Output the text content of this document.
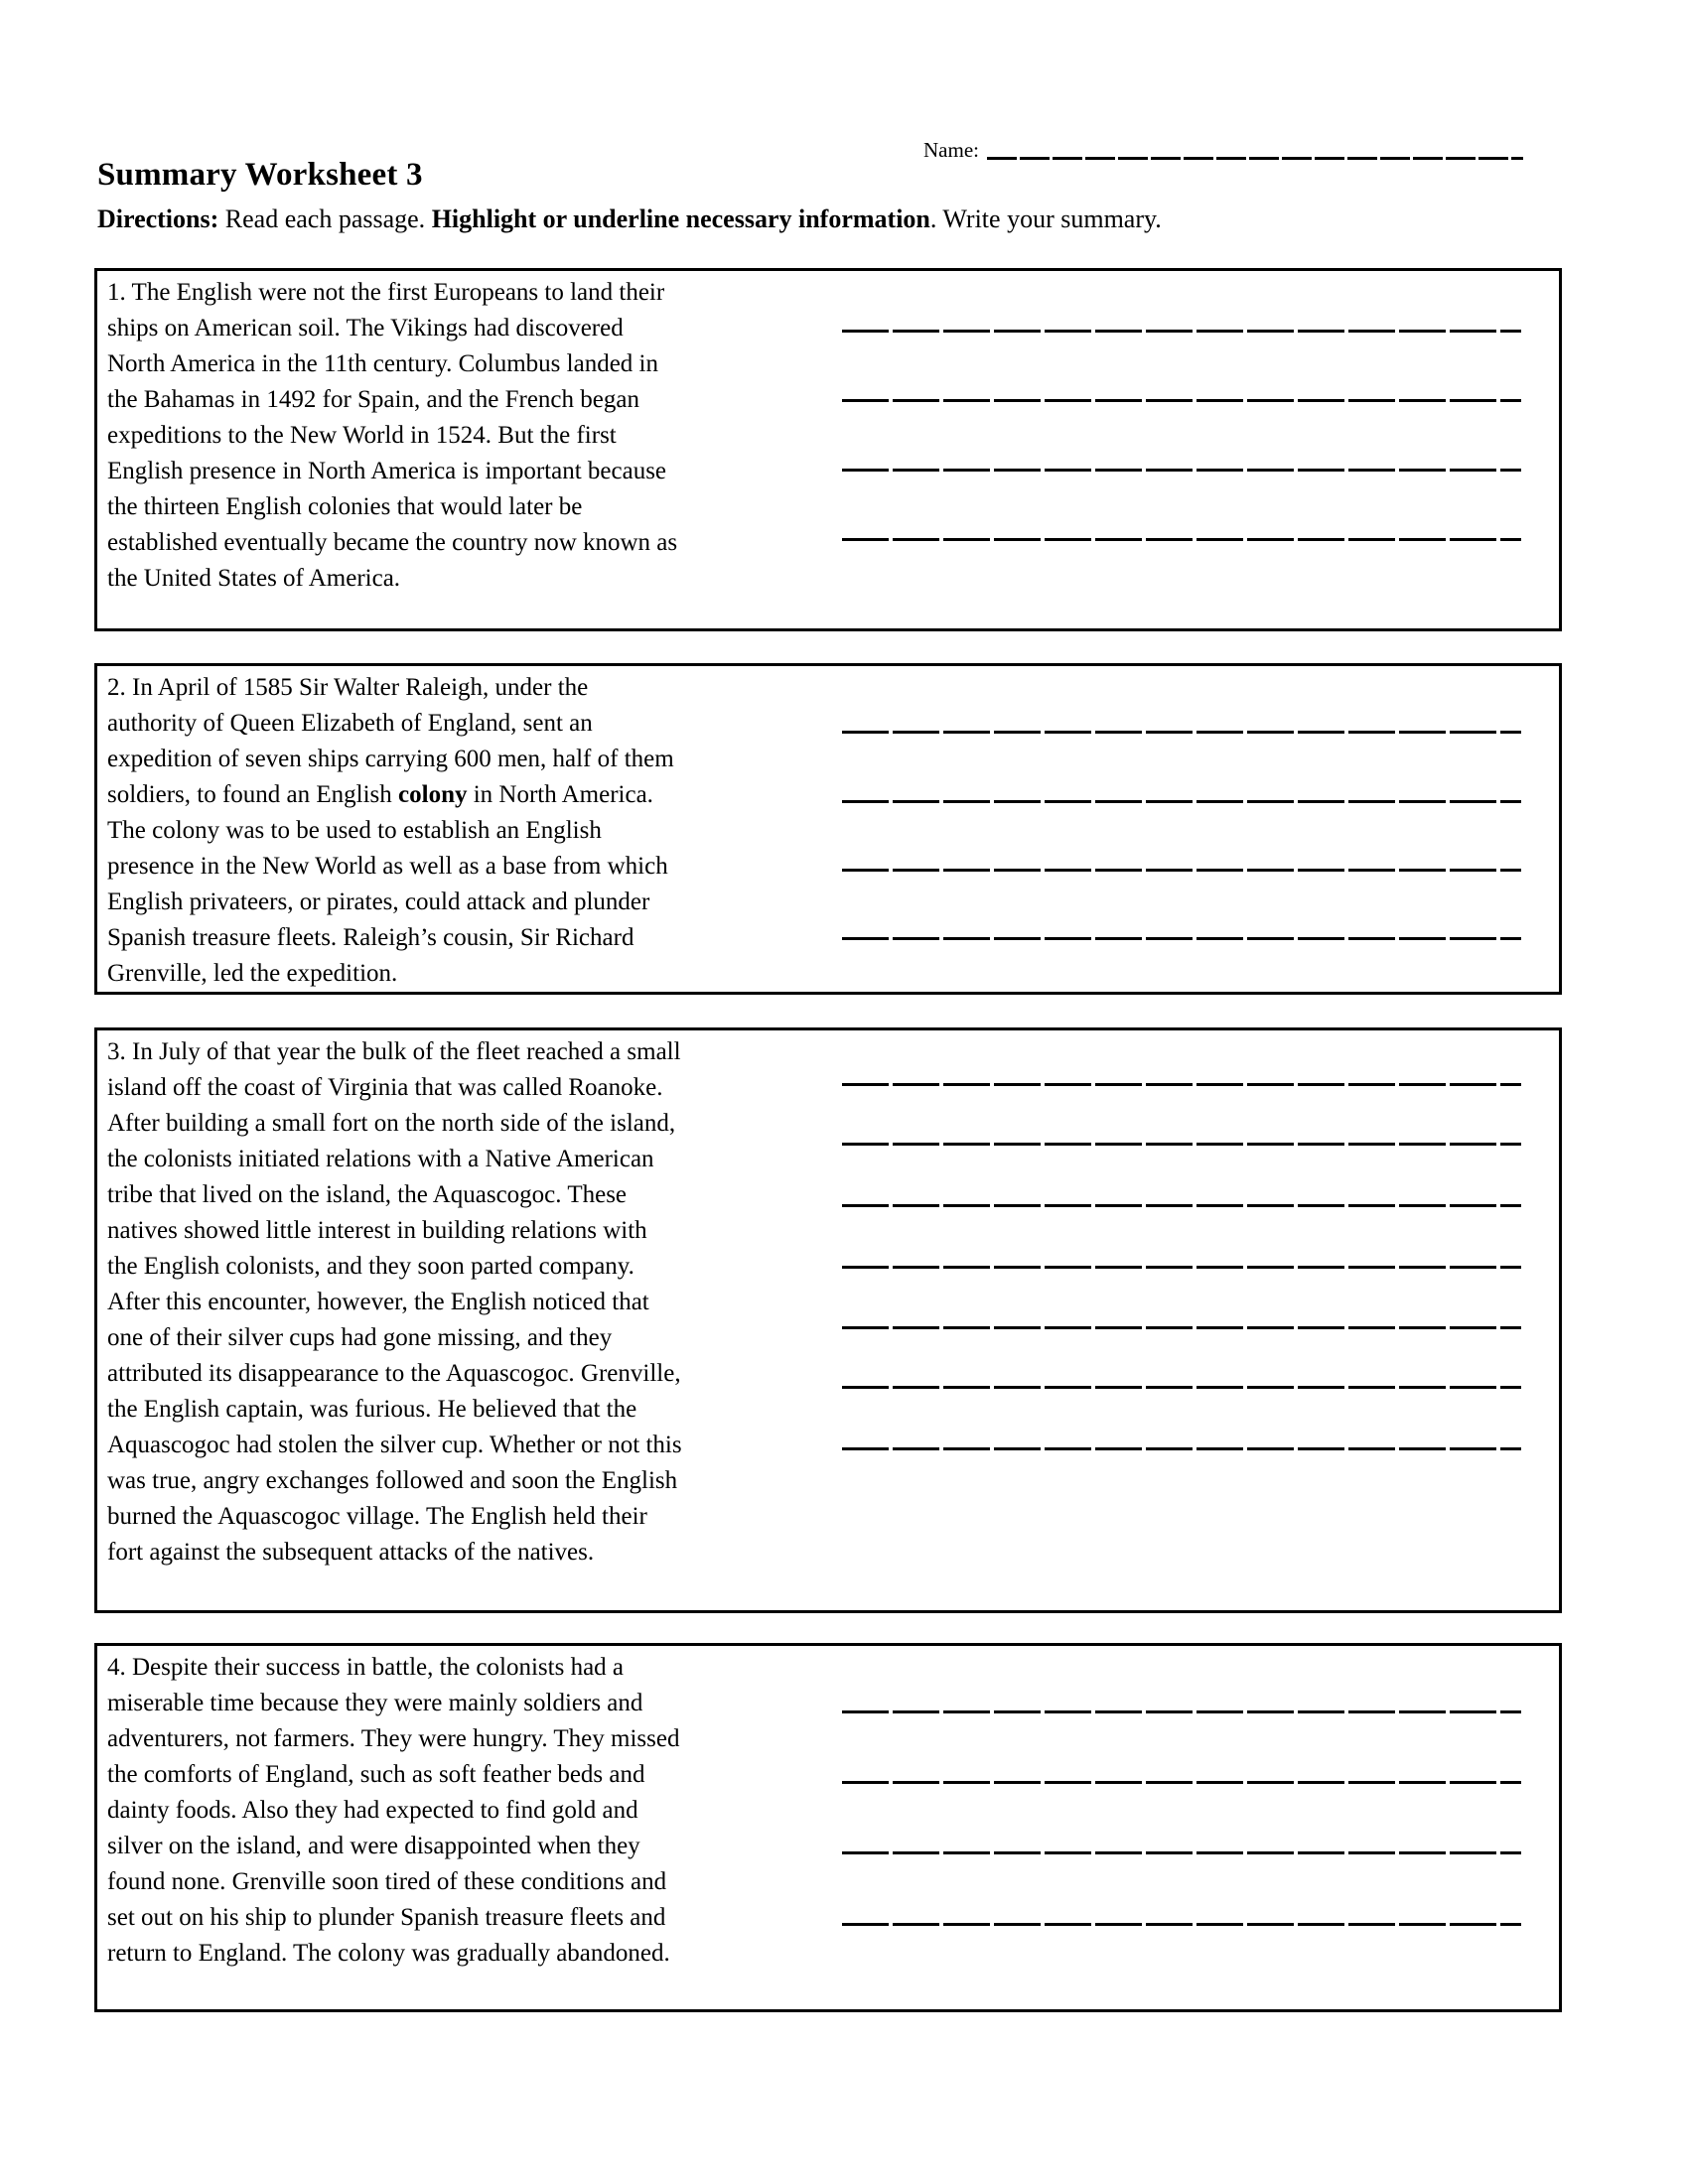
Name:
Summary Worksheet 3

Directions: Read each passage. Highlight or underline necessary information. Write your summary.

1. The English were not the first Europeans to land their ships on American soil. The Vikings had discovered North America in the 11th century. Columbus landed in the Bahamas in 1492 for Spain, and the French began expeditions to the New World in 1524. But the first English presence in North America is important because the thirteen English colonies that would later be established eventually became the country now known as the United States of America.

2. In April of 1585 Sir Walter Raleigh, under the authority of Queen Elizabeth of England, sent an expedition of seven ships carrying 600 men, half of them soldiers, to found an English colony in North America. The colony was to be used to establish an English presence in the New World as well as a base from which English privateers, or pirates, could attack and plunder Spanish treasure fleets. Raleigh’s cousin, Sir Richard Grenville, led the expedition.

3. In July of that year the bulk of the fleet reached a small island off the coast of Virginia that was called Roanoke. After building a small fort on the north side of the island, the colonists initiated relations with a Native American tribe that lived on the island, the Aquascogoc. These natives showed little interest in building relations with the English colonists, and they soon parted company. After this encounter, however, the English noticed that one of their silver cups had gone missing, and they attributed its disappearance to the Aquascogoc. Grenville, the English captain, was furious. He believed that the Aquascogoc had stolen the silver cup. Whether or not this was true, angry exchanges followed and soon the English burned the Aquascogoc village. The English held their fort against the subsequent attacks of the natives.

4. Despite their success in battle, the colonists had a miserable time because they were mainly soldiers and adventurers, not farmers. They were hungry. They missed the comforts of England, such as soft feather beds and dainty foods. Also they had expected to find gold and silver on the island, and were disappointed when they found none. Grenville soon tired of these conditions and set out on his ship to plunder Spanish treasure fleets and return to England. The colony was gradually abandoned.
